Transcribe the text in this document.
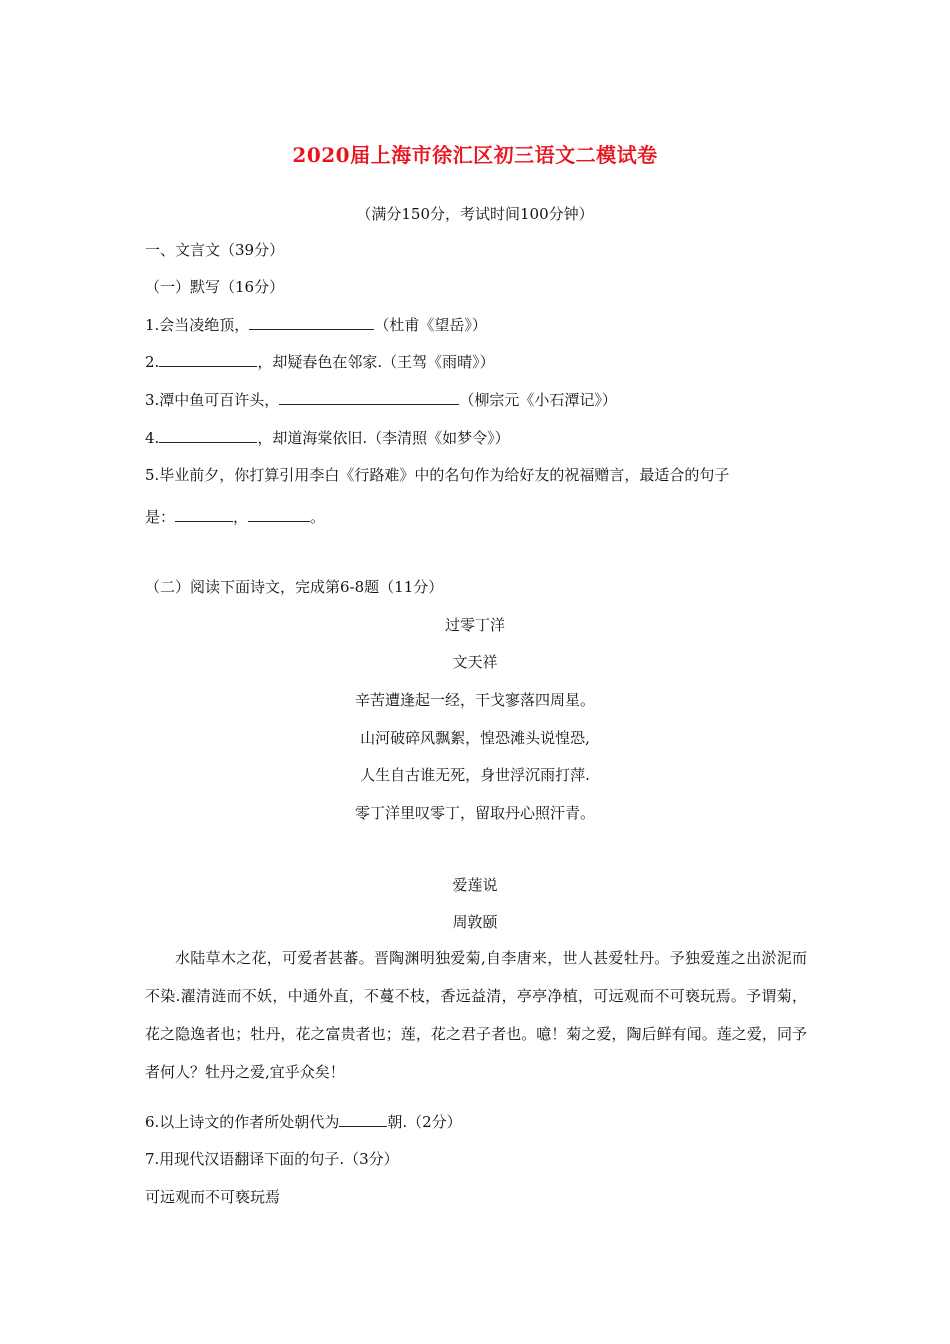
2020届上海市徐汇区初三语文二模试卷
（满分150分，考试时间100分钟）
一、文言文（39分）
（一）默写（16分）
1.会当凌绝顶，	（杜甫《望岳》）
2.	，却疑春色在邻家.（王驾《雨晴》）
3.潭中鱼可百许头，	（柳宗元《小石潭记》）
4.	，却道海棠依旧.（李清照《如梦令》）
5.毕业前夕，你打算引用李白《行路难》中的名句作为给好友的祝福赠言，最适合的句子
是：	，	。
（二）阅读下面诗文，完成第6-8题（11分）
过零丁洋
文天祥
辛苦遭逢起一经，干戈寥落四周星。
山河破碎风飘絮，惶恐滩头说惶恐,
人生自古谁无死，身世浮沉雨打萍.
零丁洋里叹零丁，留取丹心照汗青。
爱莲说
周敦颐
水陆草木之花，可爱者甚蕃。晋陶渊明独爱菊,自李唐来，世人甚爱牡丹。予独爱莲之出淤泥而不染.濯清涟而不妖，中通外直，不蔓不枝，香远益清，亭亭净植，可远观而不可亵玩焉。予谓菊，花之隐逸者也；牡丹，花之富贵者也；莲，花之君子者也。噫！菊之爱，陶后鲜有闻。莲之爱，同予者何人？牡丹之爱,宜乎众矣！
6.以上诗文的作者所处朝代为	朝.（2分）
7.用现代汉语翻译下面的句子.（3分）
可远观而不可亵玩焉
